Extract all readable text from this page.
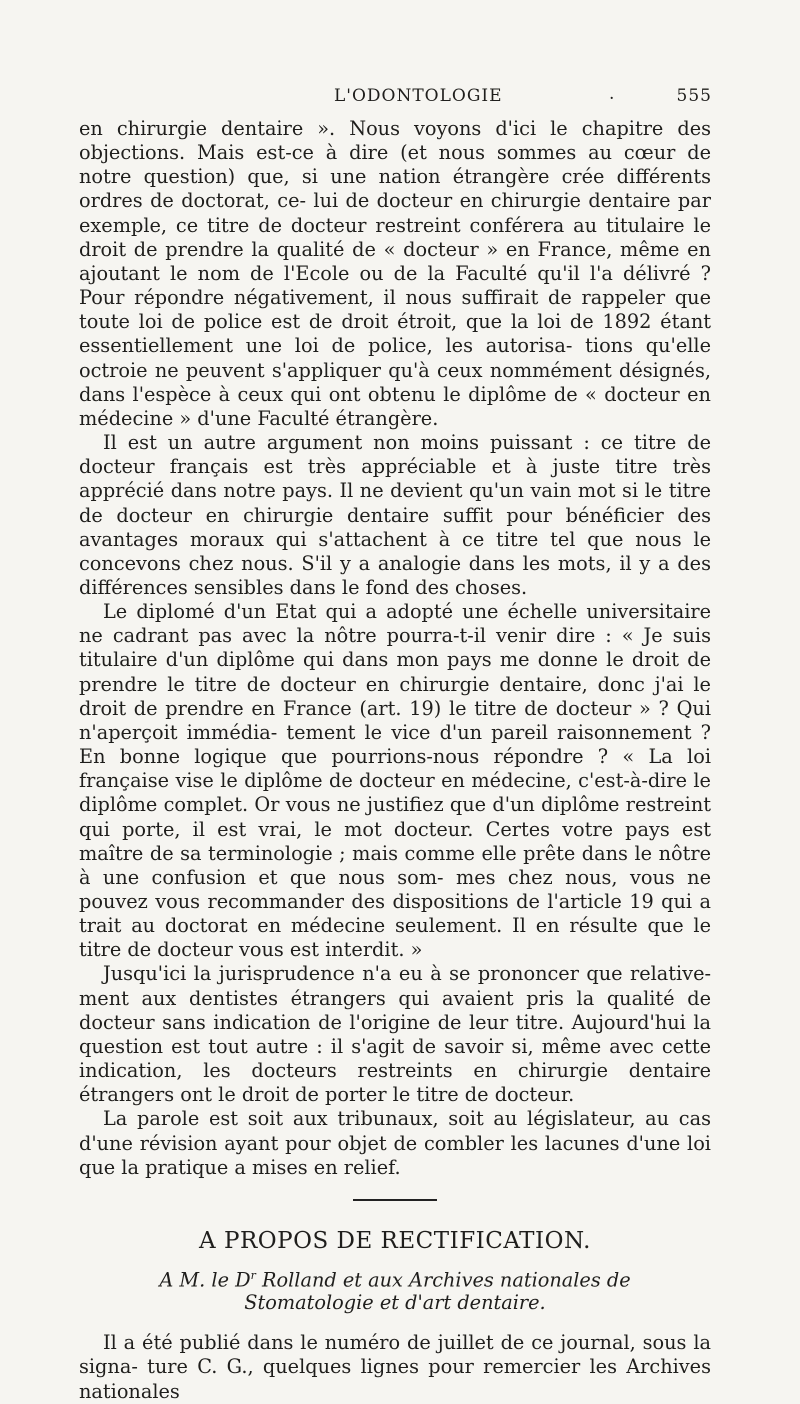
L'ODONTOLOGIE	.	555

en chirurgie dentaire ». Nous voyons d'ici le chapitre des objections. Mais est-ce à dire (et nous sommes au cœur de notre question) que, si une nation étrangère crée différents ordres de doctorat, ce- lui de docteur en chirurgie dentaire par exemple, ce titre de docteur restreint conférera au titulaire le droit de prendre la qualité de « docteur » en France, même en ajoutant le nom de l'Ecole ou de la Faculté qu'il l'a délivré ? Pour répondre négativement, il nous suffirait de rappeler que toute loi de police est de droit étroit, que la loi de 1892 étant essentiellement une loi de police, les autorisa- tions qu'elle octroie ne peuvent s'appliquer qu'à ceux nommément désignés, dans l'espèce à ceux qui ont obtenu le diplôme de « docteur en médecine » d'une Faculté étrangère.

Il est un autre argument non moins puissant : ce titre de docteur français est très appréciable et à juste titre très apprécié dans notre pays. Il ne devient qu'un vain mot si le titre de docteur en chirurgie dentaire suffit pour bénéficier des avantages moraux qui s'attachent à ce titre tel que nous le concevons chez nous. S'il y a analogie dans les mots, il y a des différences sensibles dans le fond des choses.

Le diplomé d'un Etat qui a adopté une échelle universitaire ne cadrant pas avec la nôtre pourra-t-il venir dire : « Je suis titulaire d'un diplôme qui dans mon pays me donne le droit de prendre le titre de docteur en chirurgie dentaire, donc j'ai le droit de prendre en France (art. 19) le titre de docteur » ? Qui n'aperçoit immédia- tement le vice d'un pareil raisonnement ? En bonne logique que pourrions-nous répondre ? « La loi française vise le diplôme de docteur en médecine, c'est-à-dire le diplôme complet. Or vous ne justifiez que d'un diplôme restreint qui porte, il est vrai, le mot docteur. Certes votre pays est maître de sa terminologie ; mais comme elle prête dans le nôtre à une confusion et que nous som- mes chez nous, vous ne pouvez vous recommander des dispositions de l'article 19 qui a trait au doctorat en médecine seulement. Il en résulte que le titre de docteur vous est interdit. »

Jusqu'ici la jurisprudence n'a eu à se prononcer que relative- ment aux dentistes étrangers qui avaient pris la qualité de docteur sans indication de l'origine de leur titre. Aujourd'hui la question est tout autre : il s'agit de savoir si, même avec cette indication, les docteurs restreints en chirurgie dentaire étrangers ont le droit de porter le titre de docteur.

La parole est soit aux tribunaux, soit au législateur, au cas d'une révision ayant pour objet de combler les lacunes d'une loi que la pratique a mises en relief.

A PROPOS DE RECTIFICATION.
A M. le $D^r$ Rolland et aux Archives nationales de
Stomatologie et d'art dentaire.

Il a été publié dans le numéro de juillet de ce journal, sous la signa- ture C. G., quelques lignes pour remercier les Archives nationales
